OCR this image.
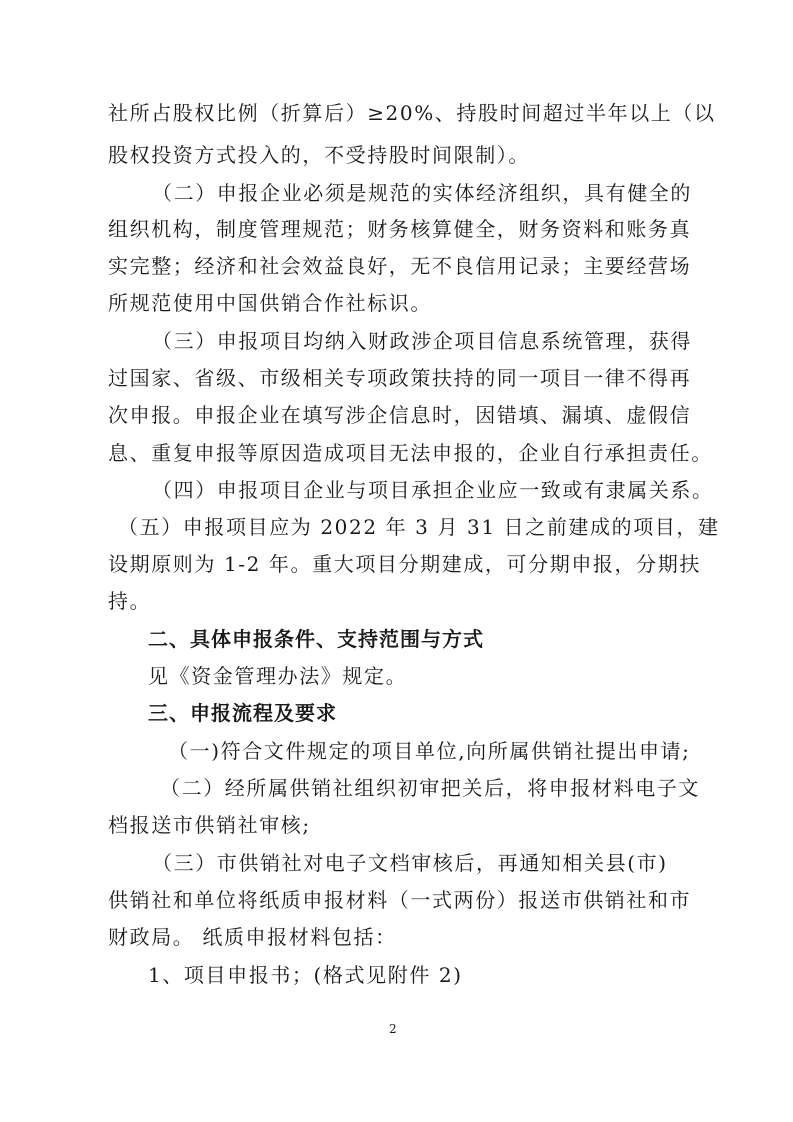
社所占股权比例（折算后）≥20%、持股时间超过半年以上（以
股权投资方式投入的，不受持股时间限制）。
（二）申报企业必须是规范的实体经济组织，具有健全的
组织机构，制度管理规范；财务核算健全，财务资料和账务真
实完整；经济和社会效益良好，无不良信用记录；主要经营场
所规范使用中国供销合作社标识。
（三）申报项目均纳入财政涉企项目信息系统管理，获得
过国家、省级、市级相关专项政策扶持的同一项目一律不得再
次申报。申报企业在填写涉企信息时，因错填、漏填、虚假信
息、重复申报等原因造成项目无法申报的，企业自行承担责任。
（四）申报项目企业与项目承担企业应一致或有隶属关系。
（五）申报项目应为 2022 年 3 月 31 日之前建成的项目，建
设期原则为 1-2 年。重大项目分期建成，可分期申报，分期扶
持。
二、具体申报条件、支持范围与方式
见《资金管理办法》规定。
三、申报流程及要求
（一)符合文件规定的项目单位,向所属供销社提出申请;
（二）经所属供销社组织初审把关后，将申报材料电子文
档报送市供销社审核;
（三）市供销社对电子文档审核后，再通知相关县(市)
供销社和单位将纸质申报材料（一式两份）报送市供销社和市
财政局。 纸质申报材料包括：
1、项目申报书；(格式见附件 2)
2
